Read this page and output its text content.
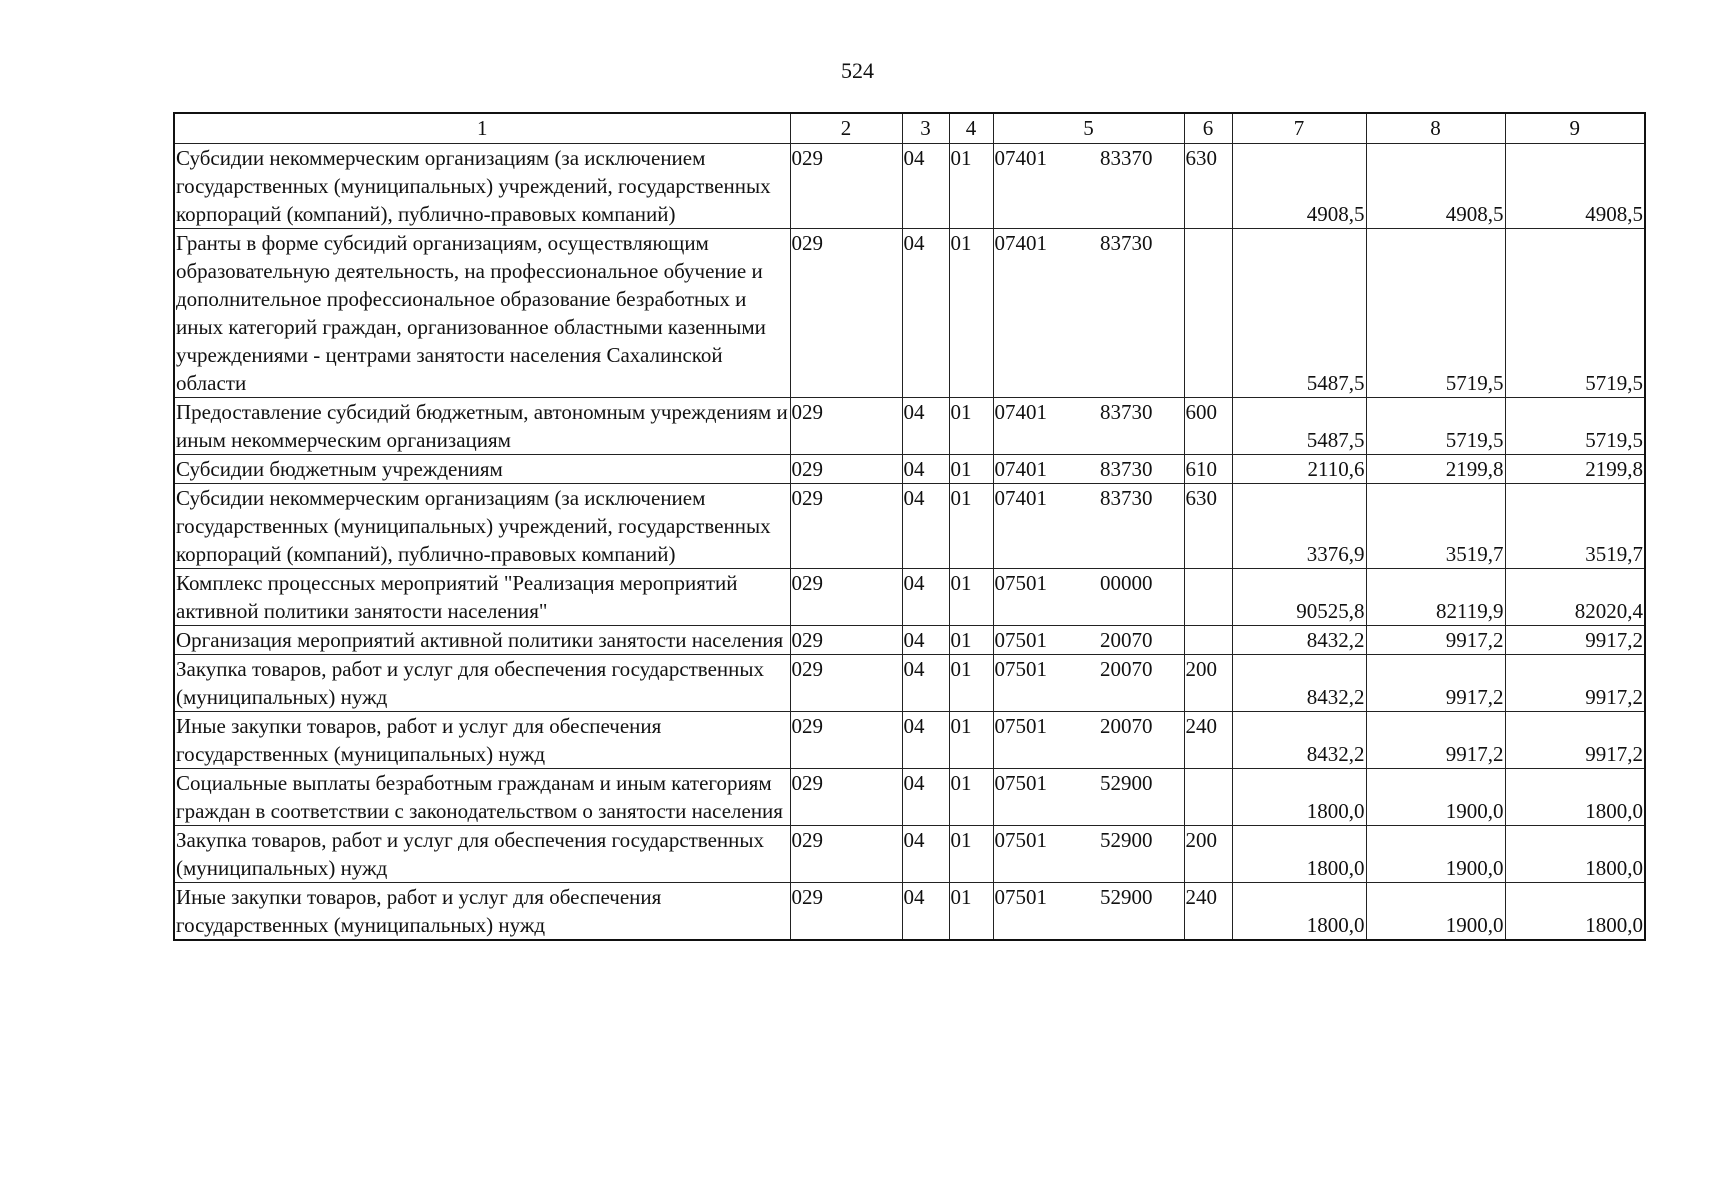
524
1	2	3	4	5	6	7	8	9
Субсидии некоммерческим организациям (за исключением государственных (муниципальных) учреждений, государственных корпораций (компаний), публично-правовых компаний)	029	04	01	07401 83370	630	4908,5	4908,5	4908,5
Гранты в форме субсидий организациям, осуществляющим образовательную деятельность, на профессиональное обучение и дополнительное профессиональное образование безработных и иных категорий граждан, организованное областными казенными учреждениями - центрами занятости населения Сахалинской области	029	04	01	07401 83730		5487,5	5719,5	5719,5
Предоставление субсидий бюджетным, автономным учреждениям и иным некоммерческим организациям	029	04	01	07401 83730	600	5487,5	5719,5	5719,5
Субсидии бюджетным учреждениям	029	04	01	07401 83730	610	2110,6	2199,8	2199,8
Субсидии некоммерческим организациям (за исключением государственных (муниципальных) учреждений, государственных корпораций (компаний), публично-правовых компаний)	029	04	01	07401 83730	630	3376,9	3519,7	3519,7
Комплекс процессных мероприятий "Реализация мероприятий активной политики занятости населения"	029	04	01	07501 00000		90525,8	82119,9	82020,4
Организация мероприятий активной политики занятости населения	029	04	01	07501 20070		8432,2	9917,2	9917,2
Закупка товаров, работ и услуг для обеспечения государственных (муниципальных) нужд	029	04	01	07501 20070	200	8432,2	9917,2	9917,2
Иные закупки товаров, работ и услуг для обеспечения государственных (муниципальных) нужд	029	04	01	07501 20070	240	8432,2	9917,2	9917,2
Социальные выплаты безработным гражданам и иным категориям граждан в соответствии с законодательством о занятости населения	029	04	01	07501 52900		1800,0	1900,0	1800,0
Закупка товаров, работ и услуг для обеспечения государственных (муниципальных) нужд	029	04	01	07501 52900	200	1800,0	1900,0	1800,0
Иные закупки товаров, работ и услуг для обеспечения государственных (муниципальных) нужд	029	04	01	07501 52900	240	1800,0	1900,0	1800,0
